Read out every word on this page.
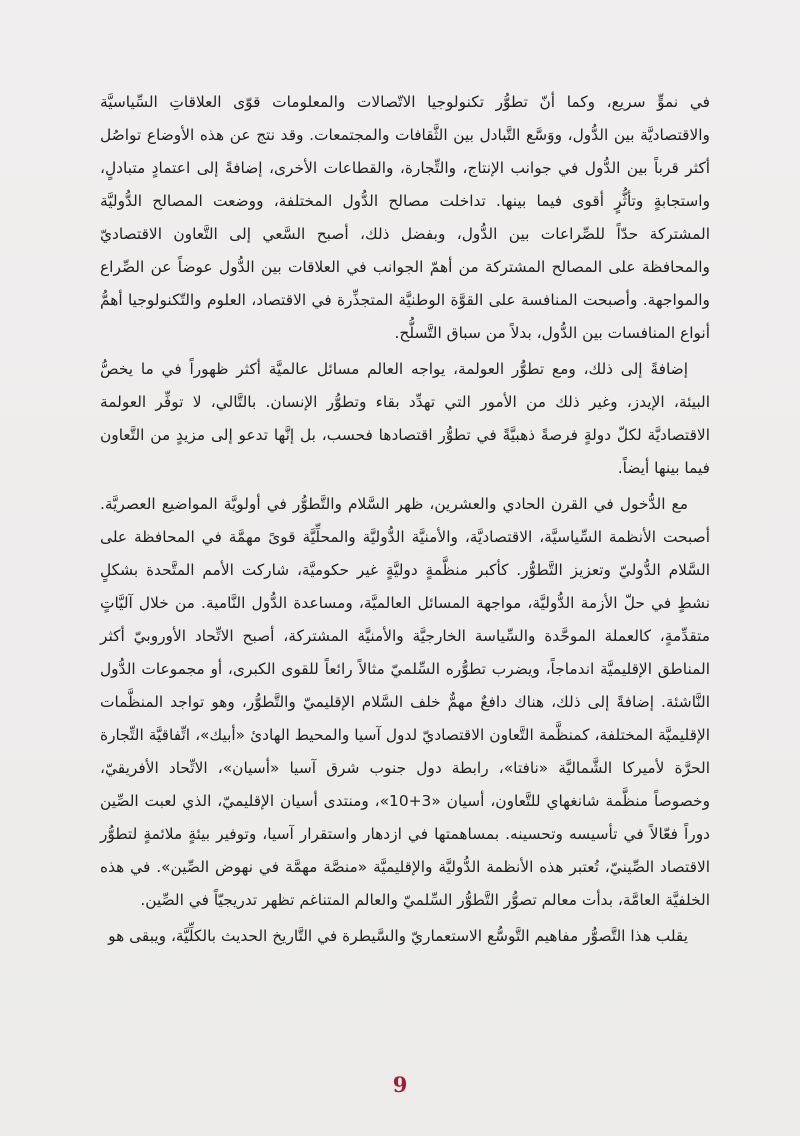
في نموٍّ سريع، وكما أنّ تطوُّر تكنولوجيا الاتّصالات والمعلومات قوّى العلاقاتِ السِّياسيَّة والاقتصاديَّة بين الدُّول، ووَسَّع التَّبادل بين الثَّقافات والمجتمعات. وقد نتج عن هذه الأوضاع تواصُل أكثر قرباً بين الدُّول في جوانب الإنتاج، والتِّجارة، والقطاعات الأخرى، إضافةً إلى اعتمادٍ متبادلٍ، واستجابةٍ وتأثُّرٍ أقوى فيما بينها. تداخلت مصالح الدُّول المختلفة، ووضعت المصالح الدُّوليَّة المشتركة حدّاً للصِّراعات بين الدُّول، وبفضل ذلك، أصبح السَّعي إلى التَّعاون الاقتصاديّ والمحافظة على المصالح المشتركة من أهمّ الجوانب في العلاقات بين الدُّول عوضاً عن الصِّراع والمواجهة. وأصبحت المنافسة على القوَّة الوطنيَّة المتجذِّرة في الاقتصاد، العلوم والتّكنولوجيا أهمُّ أنواع المنافسات بين الدُّول، بدلاً من سباق التَّسلُّح.

إضافةً إلى ذلك، ومع تطوُّر العولمة، يواجه العالم مسائل عالميَّة أكثر ظهوراً في ما يخصُّ البيئة، الإيدز، وغير ذلك من الأمور التي تهدِّد بقاء وتطوُّر الإنسان. بالتَّالي، لا توفِّر العولمة الاقتصاديَّة لكلّ دولةٍ فرصةً ذهبيَّةً في تطوُّر اقتصادها فحسب، بل إنَّها تدعو إلى مزيدٍ من التَّعاون فيما بينها أيضاً.

مع الدُّخول في القرن الحادي والعشرين، ظهر السَّلام والتَّطوُّر في أولويَّة المواضيع العصريَّة. أصبحت الأنظمة السِّياسيَّة، الاقتصاديَّة، والأمنيَّة الدُّوليَّة والمحلِّيَّة قوىً مهمَّة في المحافظة على السَّلام الدُّوليّ وتعزيز التَّطوُّر. كأكبر منظَّمةٍ دوليَّةٍ غير حكوميَّة، شاركت الأمم المتَّحدة بشكلٍ نشطٍ في حلّ الأزمة الدُّوليَّة، مواجهة المسائل العالميَّة، ومساعدة الدُّول النَّامية. من خلال آليَّاتٍ متقدِّمةٍ، كالعملة الموحَّدة والسِّياسة الخارجيَّة والأمنيَّة المشتركة، أصبح الاتِّحاد الأوروبيّ أكثر المناطق الإقليميَّة اندماجاً، ويضرب تطوُّره السِّلميّ مثالاً رائعاً للقوى الكبرى، أو مجموعات الدُّول النَّاشئة. إضافةً إلى ذلك، هناك دافعٌ مهمٌّ خلف السَّلام الإقليميّ والتَّطوُّر، وهو تواجد المنظَّمات الإقليميَّة المختلفة، كمنظَّمة التَّعاون الاقتصاديّ لدول آسيا والمحيط الهادئ «أبيك»، اتِّفاقيَّة التِّجارة الحرَّة لأميركا الشَّماليَّة «نافتا»، رابطة دول جنوب شرق آسيا «أسيان»، الاتِّحاد الأفريقيّ، وخصوصاً منظَّمة شانغهاي للتَّعاون، أسيان «3+10»، ومنتدى أسيان الإقليميّ، الذي لعبت الصِّين دوراً فعّالاً في تأسيسه وتحسينه. بمساهمتها في ازدهار واستقرار آسيا، وتوفير بيئةٍ ملائمةٍ لتطوُّر الاقتصاد الصِّينيّ، تُعتبر هذه الأنظمة الدُّوليَّة والإقليميَّة «منصَّة مهمَّة في نهوض الصِّين». في هذه الخلفيَّة العامَّة، بدأت معالم تصوُّر التَّطوُّر السِّلميّ والعالم المتناغم تظهر تدريجيّاً في الصِّين.

يقلب هذا التَّصوُّر مفاهيم التَّوسُّع الاستعماريّ والسَّيطرة في التَّاريخ الحديث بالكلِّيَّة، ويبقى هو

9
